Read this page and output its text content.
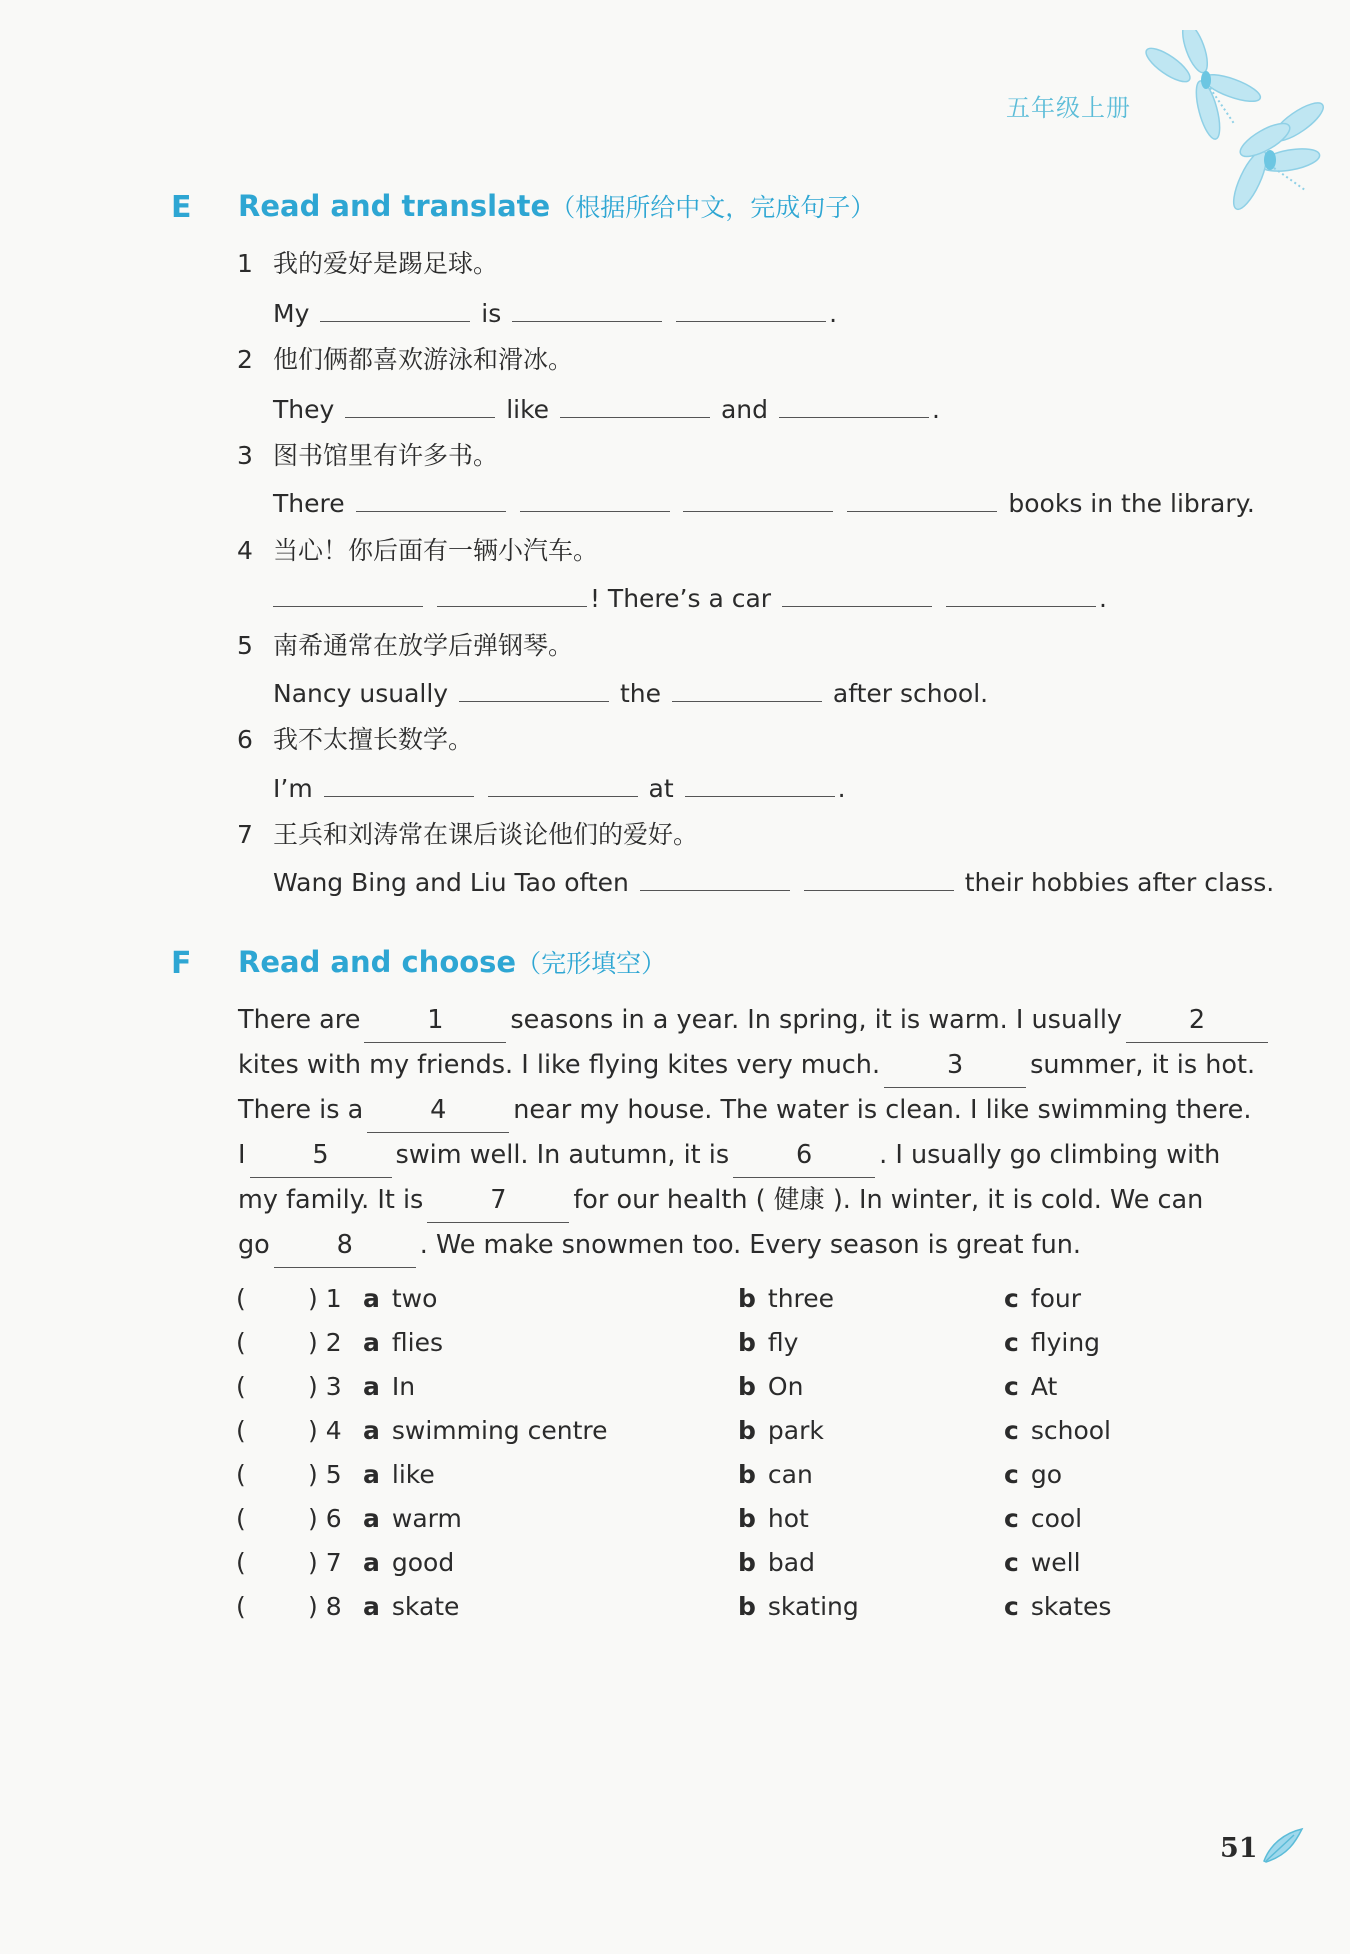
五年级上册
E Read and translate（根据所给中文，完成句子）
1 我的爱好是踢足球。
My	is	.
2 他们俩都喜欢游泳和滑冰。
They	like	and	.
3 图书馆里有许多书。
There	books in the library.
4 当心！你后面有一辆小汽车。
! There’s a car	.
5 南希通常在放学后弹钢琴。
Nancy usually	the	after school.
6 我不太擅长数学。
I’m	at	.
7 王兵和刘涛常在课后谈论他们的爱好。
Wang Bing and Liu Tao often	their hobbies after class.
F Read and choose（完形填空）
There are	1	seasons in a year. In spring, it is warm. I usually	2
kites with my friends. I like flying kites very much.	3	summer, it is hot.
There is a	4	near my house. The water is clean. I like swimming there.
I	5	swim well. In autumn, it is	6	. I usually go climbing with
my family. It is	7	for our health ( 健康 ). In winter, it is cold. We can
go	8	. We make snowmen too. Every season is great fun.
( ) 1 a two	b three	c four
( ) 2 a flies	b fly	c flying
( ) 3 a In	b On	c At
( ) 4 a swimming centre	b park	c school
( ) 5 a like	b can	c go
( ) 6 a warm	b hot	c cool
( ) 7 a good	b bad	c well
( ) 8 a skate	b skating	c skates
51
